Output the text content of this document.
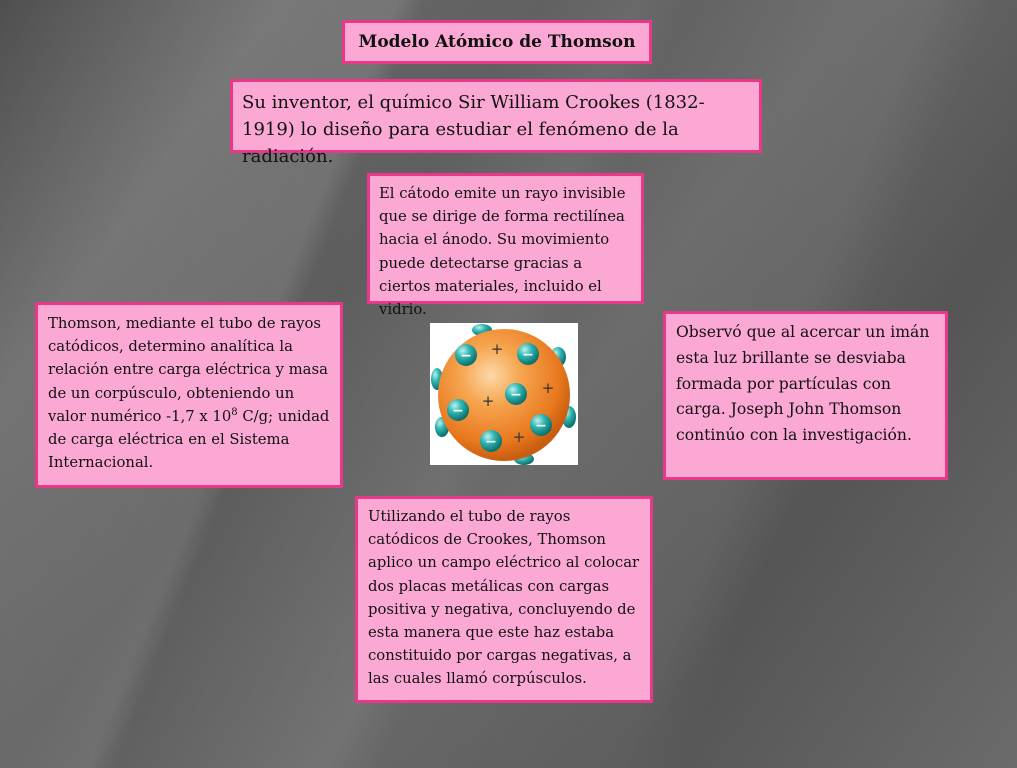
Modelo Atómico de Thomson
Su inventor, el químico Sir William Crookes (1832-1919) lo diseño para estudiar el fenómeno de la radiación.
El cátodo emite un rayo invisible que se dirige de forma rectilínea hacia el ánodo. Su movimiento puede detectarse gracias a ciertos materiales, incluido el vidrio.
Thomson, mediante el tubo de rayos catódicos, determino analítica la relación entre carga eléctrica y masa de un corpúsculo, obteniendo un valor numérico -1,7 x $10^8$ C/g; unidad de carga eléctrica en el Sistema Internacional.
+
+
+
+
−	−
−
−
−
−
Observó que al acercar un imán esta luz brillante se desviaba formada por partículas con carga. Joseph John Thomson continúo con la investigación.
Utilizando el tubo de rayos catódicos de Crookes, Thomson aplico un campo eléctrico al colocar dos placas metálicas con cargas positiva y negativa, concluyendo de esta manera que este haz estaba constituido por cargas negativas, a las cuales llamó corpúsculos.
